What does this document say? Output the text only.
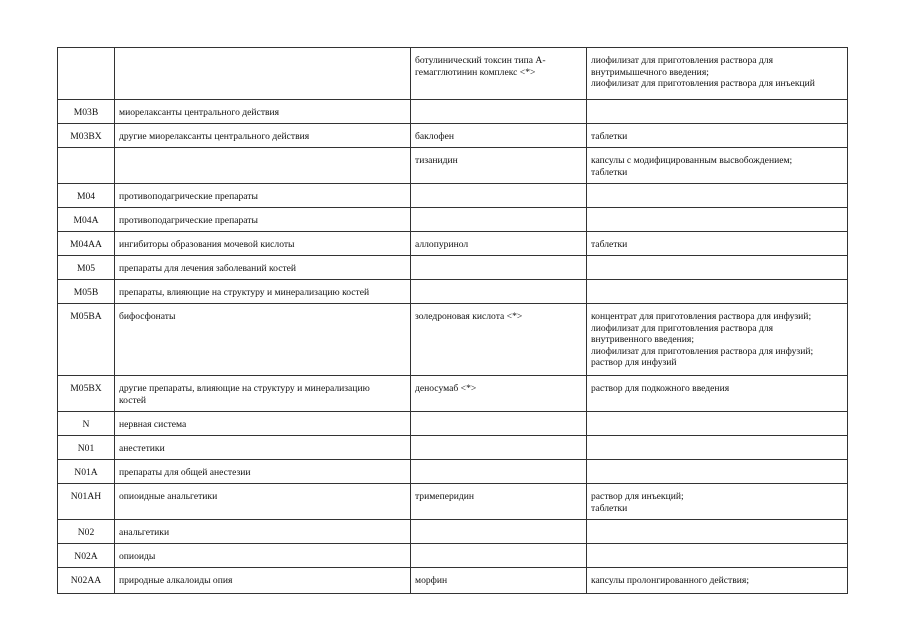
		ботулинический токсин типа А-
гемагглютинин комплекс <*>	лиофилизат для приготовления раствора для
внутримышечного введения;
лиофилизат для приготовления раствора для инъекций
M03B	миорелаксанты центрального действия		
M03BX	другие миорелаксанты центрального действия	баклофен	таблетки
		тизанидин	капсулы с модифицированным высвобождением;
таблетки
M04	противоподагрические препараты		
M04A	противоподагрические препараты		
M04AA	ингибиторы образования мочевой кислоты	аллопуринол	таблетки
M05	препараты для лечения заболеваний костей		
M05B	препараты, влияющие на структуру и минерализацию костей		
M05BA	бифосфонаты	золедроновая кислота <*>	концентрат для приготовления раствора для инфузий;
лиофилизат для приготовления раствора для
внутривенного введения;
лиофилизат для приготовления раствора для инфузий;
раствор для инфузий
M05BX	другие препараты, влияющие на структуру и минерализацию
костей	деносумаб <*>	раствор для подкожного введения
N	нервная система		
N01	анестетики		
N01A	препараты для общей анестезии		
N01AH	опиоидные анальгетики	тримеперидин	раствор для инъекций;
таблетки
N02	анальгетики		
N02A	опиоиды		
N02AA	природные алкалоиды опия	морфин	капсулы пролонгированного действия;
